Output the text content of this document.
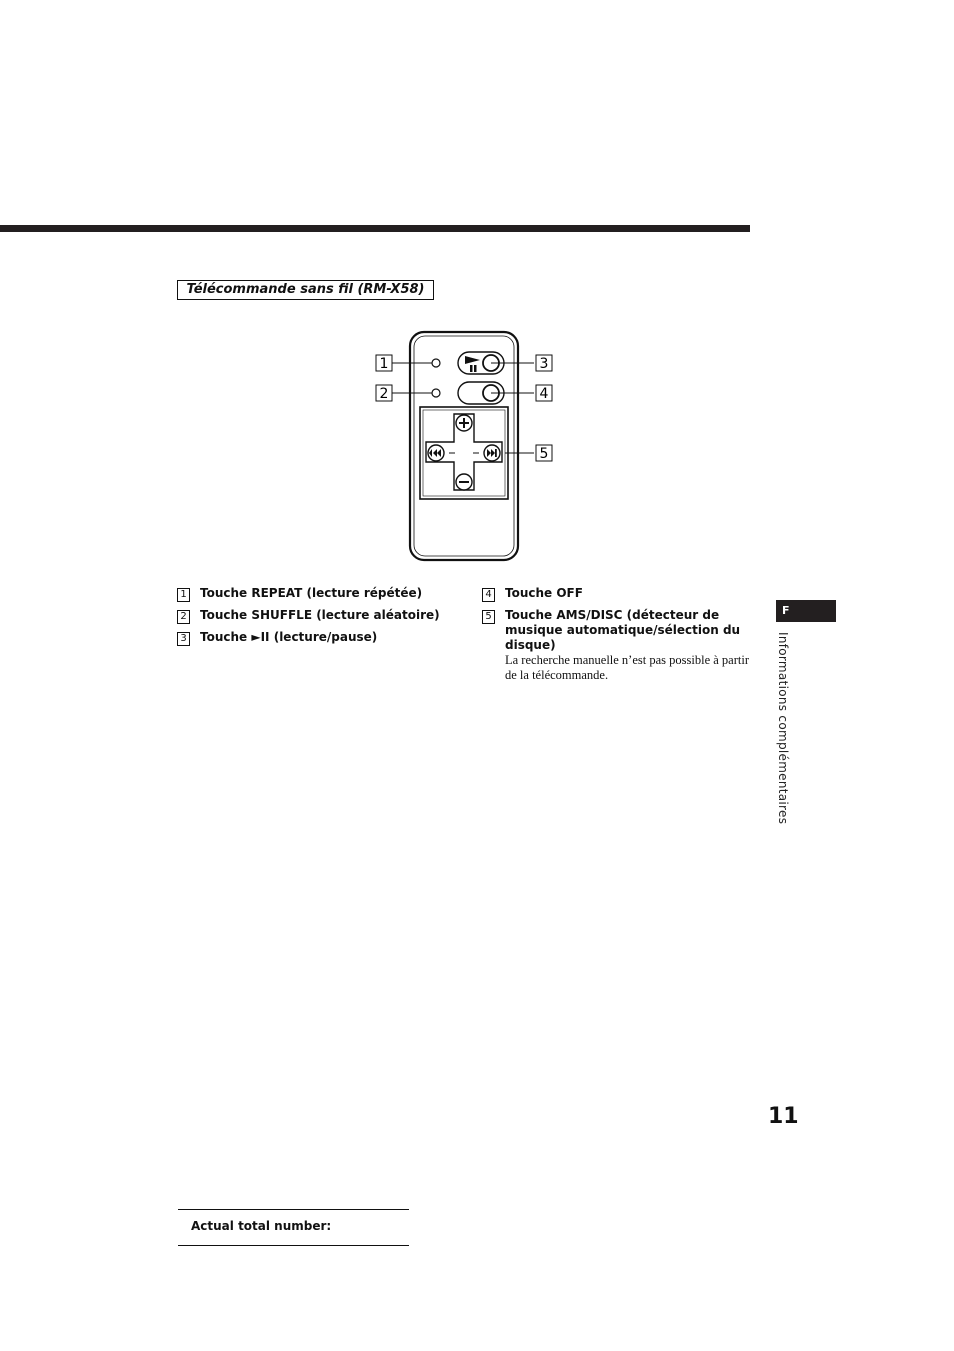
Télécommande sans fil (RM-X58)
1
2
3
4
5
1 Touche REPEAT (lecture répétée)
2 Touche SHUFFLE (lecture aléatoire)
3 Touche ►II (lecture/pause)
4 Touche OFF
5 Touche AMS/DISC (détecteur de musique automatique/sélection du disque)
La recherche manuelle n’est pas possible à partir de la télécommande.
F
Informations complémentaires
11
Actual total number:
